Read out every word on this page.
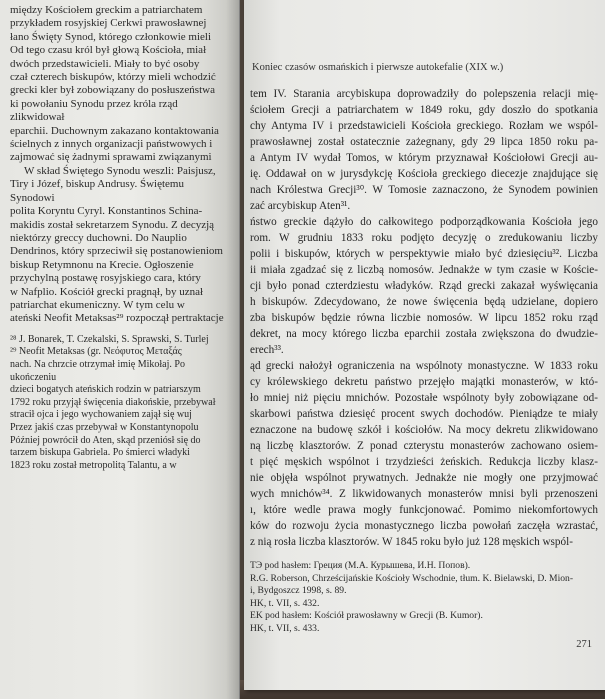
Koniec czasów osmańskich i pierwsze autokefalie (XIX w.)
tem IV. Starania arcybiskupa doprowadziły do polepszenia relacji mię-
ściołem Grecji a patriarchatem w 1849 roku, gdy doszło do spotkania
chy Antyma IV i przedstawicieli Kościoła greckiego. Rozłam we wspól-
prawosławnej został ostatecznie zażegnany, gdy 29 lipca 1850 roku pa-
a Antym IV wydał Tomos, w którym przyznawał Kościołowi Grecji au-
ię. Oddawał on w jurysdykcję Kościoła greckiego diecezje znajdujące się
nach Królestwa Grecji³⁰. W Tomosie zaznaczono, że Synodem powinien
zać arcybiskup Aten³¹.
ństwo greckie dążyło do całkowitego podporządkowania Kościoła jego
rom. W grudniu 1833 roku podjęto decyzję o zredukowaniu liczby
polii i biskupów, których w perspektywie miało być dziesięciu³². Liczba
ii miała zgadzać się z liczbą nomosów. Jednakże w tym czasie w Koście-
cji było ponad czterdziestu władyków. Rząd grecki zakazał wyświęcania
h biskupów. Zdecydowano, że nowe święcenia będą udzielane, dopiero
zba biskupów będzie równa liczbie nomosów. W lipcu 1852 roku rząd
dekret, na mocy którego liczba eparchii została zwiększona do dwudzie-
erech³³.
ąd grecki nałożył ograniczenia na wspólnoty monastyczne. W 1833 roku
cy królewskiego dekretu państwo przejęło majątki monasterów, w któ-
ło mniej niż pięciu mnichów. Pozostałe wspólnoty były zobowiązane od-
skarbowi państwa dziesięć procent swych dochodów. Pieniądze te miały
eznaczone na budowę szkół i kościołów. Na mocy dekretu zlikwidowano
ną liczbę klasztorów. Z ponad czterystu monasterów zachowano osiem-
t pięć męskich wspólnot i trzydzieści żeńskich. Redukcja liczby klasz-
nie objęła wspólnot prywatnych. Jednakże nie mogły one przyjmować
wych mnichów³⁴. Z likwidowanych monasterów mnisi byli przenoszeni
ı, które wedle prawa mogły funkcjonować. Pomimo niekomfortowych
ków do rozwoju życia monastycznego liczba powołań zaczęła wzrastać,
z nią rosła liczba klasztorów. W 1845 roku było już 128 męskich wspól-
ТЭ pod hasłem: Греция (М.А. Курышева, И.Н. Попов).
R.G. Roberson, Chrześcijańskie Kościoły Wschodnie, tłum. K. Bielawski, D. Mion-
i, Bydgoszcz 1998, s. 89.
HK, t. VII, s. 432.
EK pod hasłem: Kościół prawosławny w Grecji (B. Kumor).
HK, t. VII, s. 433.
271
między Kościołem greckim a patriarchatem
przykładem rosyjskiej Cerkwi prawosławnej
łano Święty Synod, którego członkowie mieli
Od tego czasu król był głową Kościoła, miał
dwóch przedstawicieli. Miały to być osoby
czał czterech biskupów, którzy mieli wchodzić
grecki kler był zobowiązany do posłuszeństwa
ki powołaniu Synodu przez króla rząd zlikwidował
eparchii. Duchownym zakazano kontaktowania
ścielnych z innych organizacji państwowych i
zajmować się żadnymi sprawami związanymi
W skład Świętego Synodu weszli: Paisjusz,
Tiry i Józef, biskup Andrusy. Świętemu Synodowi
polita Koryntu Cyryl. Konstantinos Schina-
makidis został sekretarzem Synodu. Z decyzją
niektórzy greccy duchowni. Do Nauplio
Dendrinos, który sprzeciwił się postanowieniom
biskup Retymnonu na Krecie. Ogłoszenie
przychylną postawę rosyjskiego cara, który
w Nafplio. Kościół grecki pragnął, by uznał
patriarchat ekumeniczny. W tym celu w
ateński Neofit Metaksas²⁹ rozpoczął pertraktacje
²⁸ J. Bonarek, T. Czekalski, S. Sprawski, S. Turlej
²⁹ Neofit Metaksas (gr. Νεόφυτος Μεταξάς
nach. Na chrzcie otrzymał imię Mikołaj. Po ukończeniu
dzieci bogatych ateńskich rodzin w patriarszym
1792 roku przyjął święcenia diakońskie, przebywał
stracił ojca i jego wychowaniem zajął się wuj
Przez jakiś czas przebywał w Konstantynopolu
Później powrócił do Aten, skąd przeniósł się do
tarzem biskupa Gabriela. Po śmierci władyki
1823 roku został metropolitą Talantu, a w
